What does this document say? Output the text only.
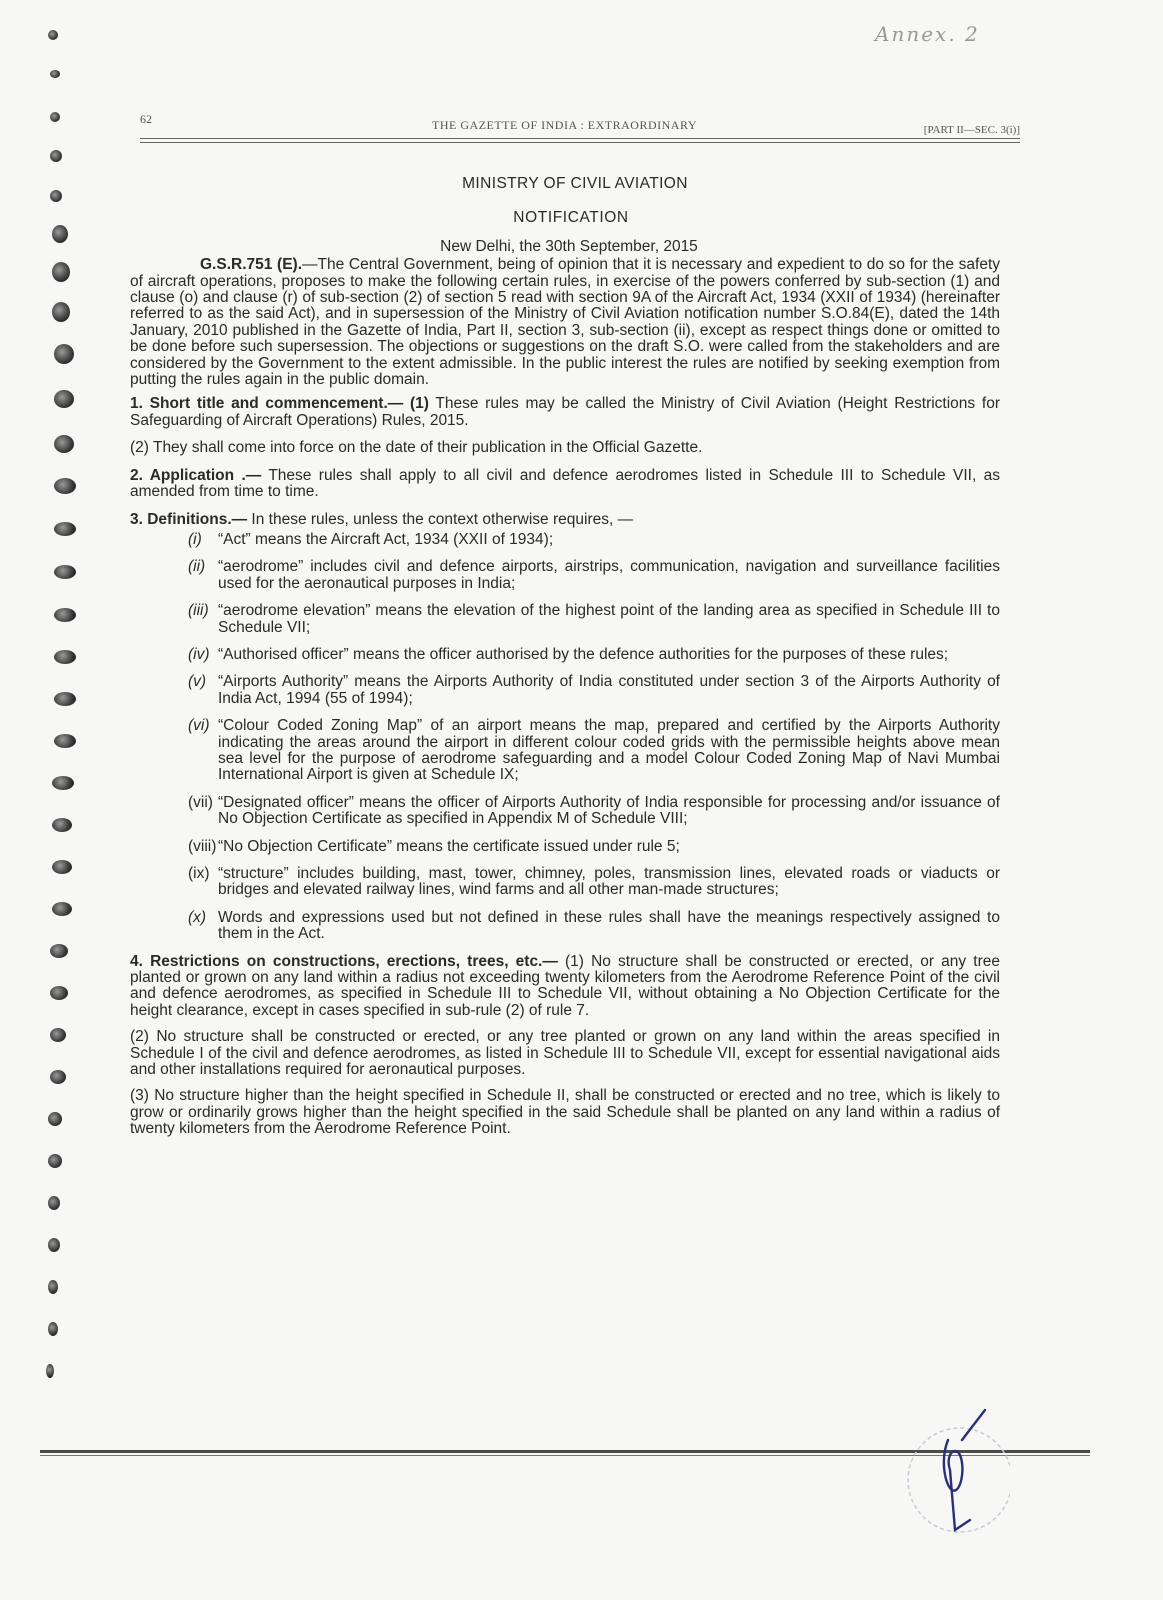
Annex. 2
62	THE GAZETTE OF INDIA : EXTRAORDINARY	[PART II—SEC. 3(i)]
MINISTRY OF CIVIL AVIATION
NOTIFICATION
New Delhi, the 30th September, 2015

G.S.R.751 (E).—The Central Government, being of opinion that it is necessary and expedient to do so for the safety of aircraft operations, proposes to make the following certain rules, in exercise of the powers conferred by sub-section (1) and clause (o) and clause (r) of sub-section (2) of section 5 read with section 9A of the Aircraft Act, 1934 (XXII of 1934) (hereinafter referred to as the said Act), and in supersession of the Ministry of Civil Aviation notification number S.O.84(E), dated the 14th January, 2010 published in the Gazette of India, Part II, section 3, sub-section (ii), except as respect things done or omitted to be done before such supersession. The objections or suggestions on the draft S.O. were called from the stakeholders and are considered by the Government to the extent admissible. In the public interest the rules are notified by seeking exemption from putting the rules again in the public domain.

1. Short title and commencement.— (1) These rules may be called the Ministry of Civil Aviation (Height Restrictions for Safeguarding of Aircraft Operations) Rules, 2015.

(2) They shall come into force on the date of their publication in the Official Gazette.

2. Application .— These rules shall apply to all civil and defence aerodromes listed in Schedule III to Schedule VII, as amended from time to time.

3. Definitions.— In these rules, unless the context otherwise requires, —

(i)	“Act” means the Aircraft Act, 1934 (XXII of 1934);
(ii) “aerodrome” includes civil and defence airports, airstrips, communication, navigation and surveillance facilities used for the aeronautical purposes in India;
(iii) “aerodrome elevation” means the elevation of the highest point of the landing area as specified in Schedule III to Schedule VII;
(iv) “Authorised officer” means the officer authorised by the defence authorities for the purposes of these rules;
(v) “Airports Authority” means the Airports Authority of India constituted under section 3 of the Airports Authority of India Act, 1994 (55 of 1994);
(vi) “Colour Coded Zoning Map” of an airport means the map, prepared and certified by the Airports Authority indicating the areas around the airport in different colour coded grids with the permissible heights above mean sea level for the purpose of aerodrome safeguarding and a model Colour Coded Zoning Map of Navi Mumbai International Airport is given at Schedule IX;
(vii) “Designated officer” means the officer of Airports Authority of India responsible for processing and/or issuance of No Objection Certificate as specified in Appendix M of Schedule VIII;
(viii) “No Objection Certificate” means the certificate issued under rule 5;
(ix) “structure” includes building, mast, tower, chimney, poles, transmission lines, elevated roads or viaducts or bridges and elevated railway lines, wind farms and all other man-made structures;
(x) Words and expressions used but not defined in these rules shall have the meanings respectively assigned to them in the Act.

4. Restrictions on constructions, erections, trees, etc.— (1) No structure shall be constructed or erected, or any tree planted or grown on any land within a radius not exceeding twenty kilometers from the Aerodrome Reference Point of the civil and defence aerodromes, as specified in Schedule III to Schedule VII, without obtaining a No Objection Certificate for the height clearance, except in cases specified in sub-rule (2) of rule 7.

(2) No structure shall be constructed or erected, or any tree planted or grown on any land within the areas specified in Schedule I of the civil and defence aerodromes, as listed in Schedule III to Schedule VII, except for essential navigational aids and other installations required for aeronautical purposes.

(3) No structure higher than the height specified in Schedule II, shall be constructed or erected and no tree, which is likely to grow or ordinarily grows higher than the height specified in the said Schedule shall be planted on any land within a radius of twenty kilometers from the Aerodrome Reference Point.
